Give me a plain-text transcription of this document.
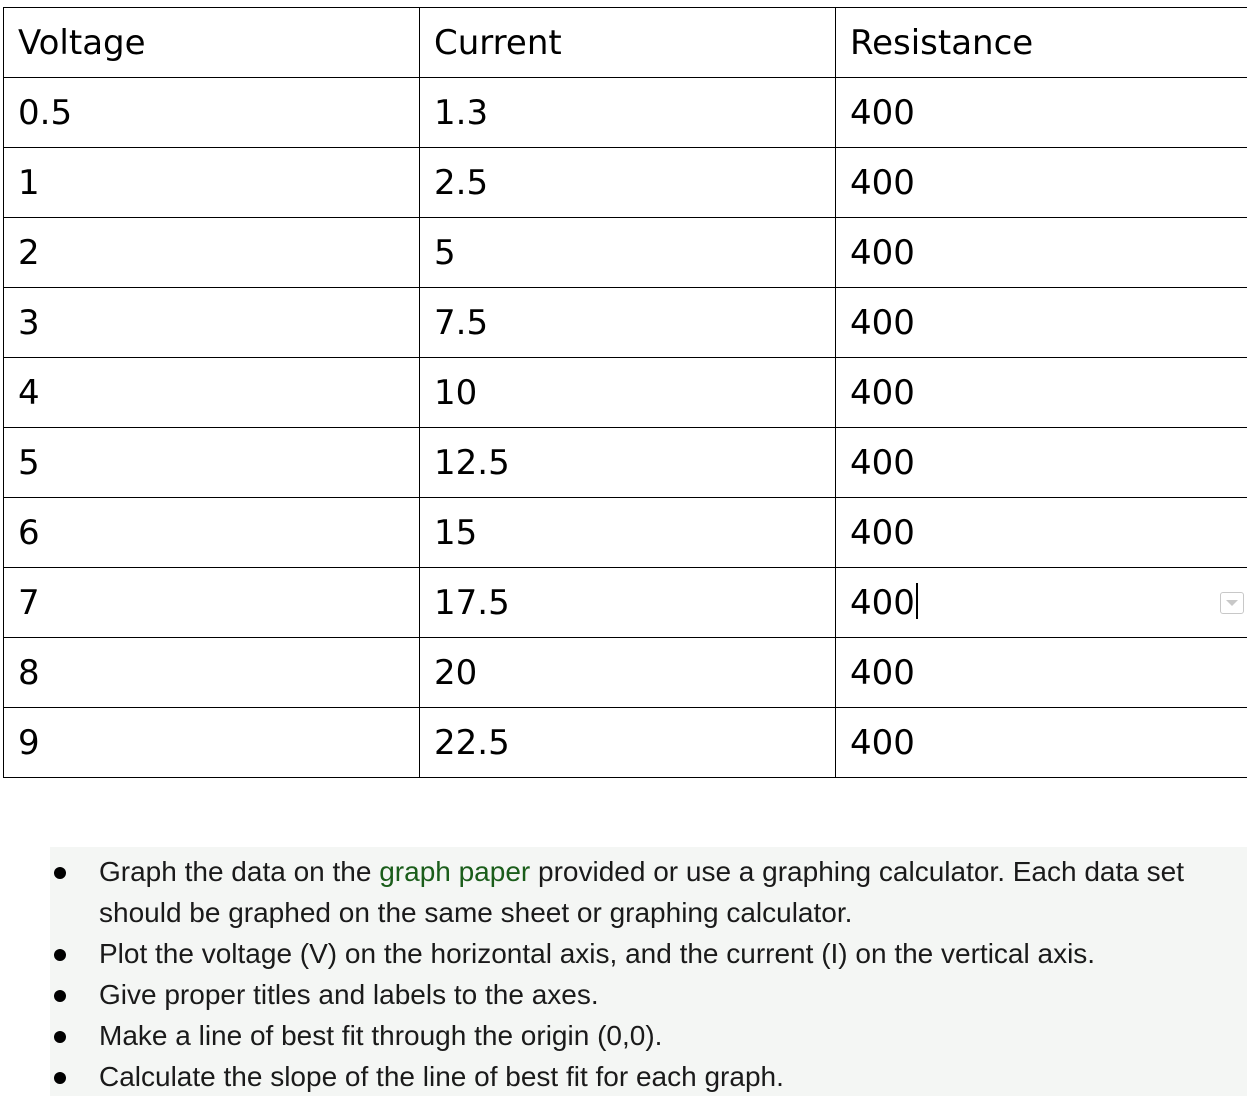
Voltage	Current	Resistance
0.5	1.3	400
1	2.5	400
2	5	400
3	7.5	400
4	10	400
5	12.5	400
6	15	400
7	17.5	400
8	20	400
9	22.5	400
Graph the data on the graph paper provided or use a graphing calculator. Each data set should be graphed on the same sheet or graphing calculator.
Plot the voltage (V) on the horizontal axis, and the current (I) on the vertical axis.
Give proper titles and labels to the axes.
Make a line of best fit through the origin (0,0).
Calculate the slope of the line of best fit for each graph.
